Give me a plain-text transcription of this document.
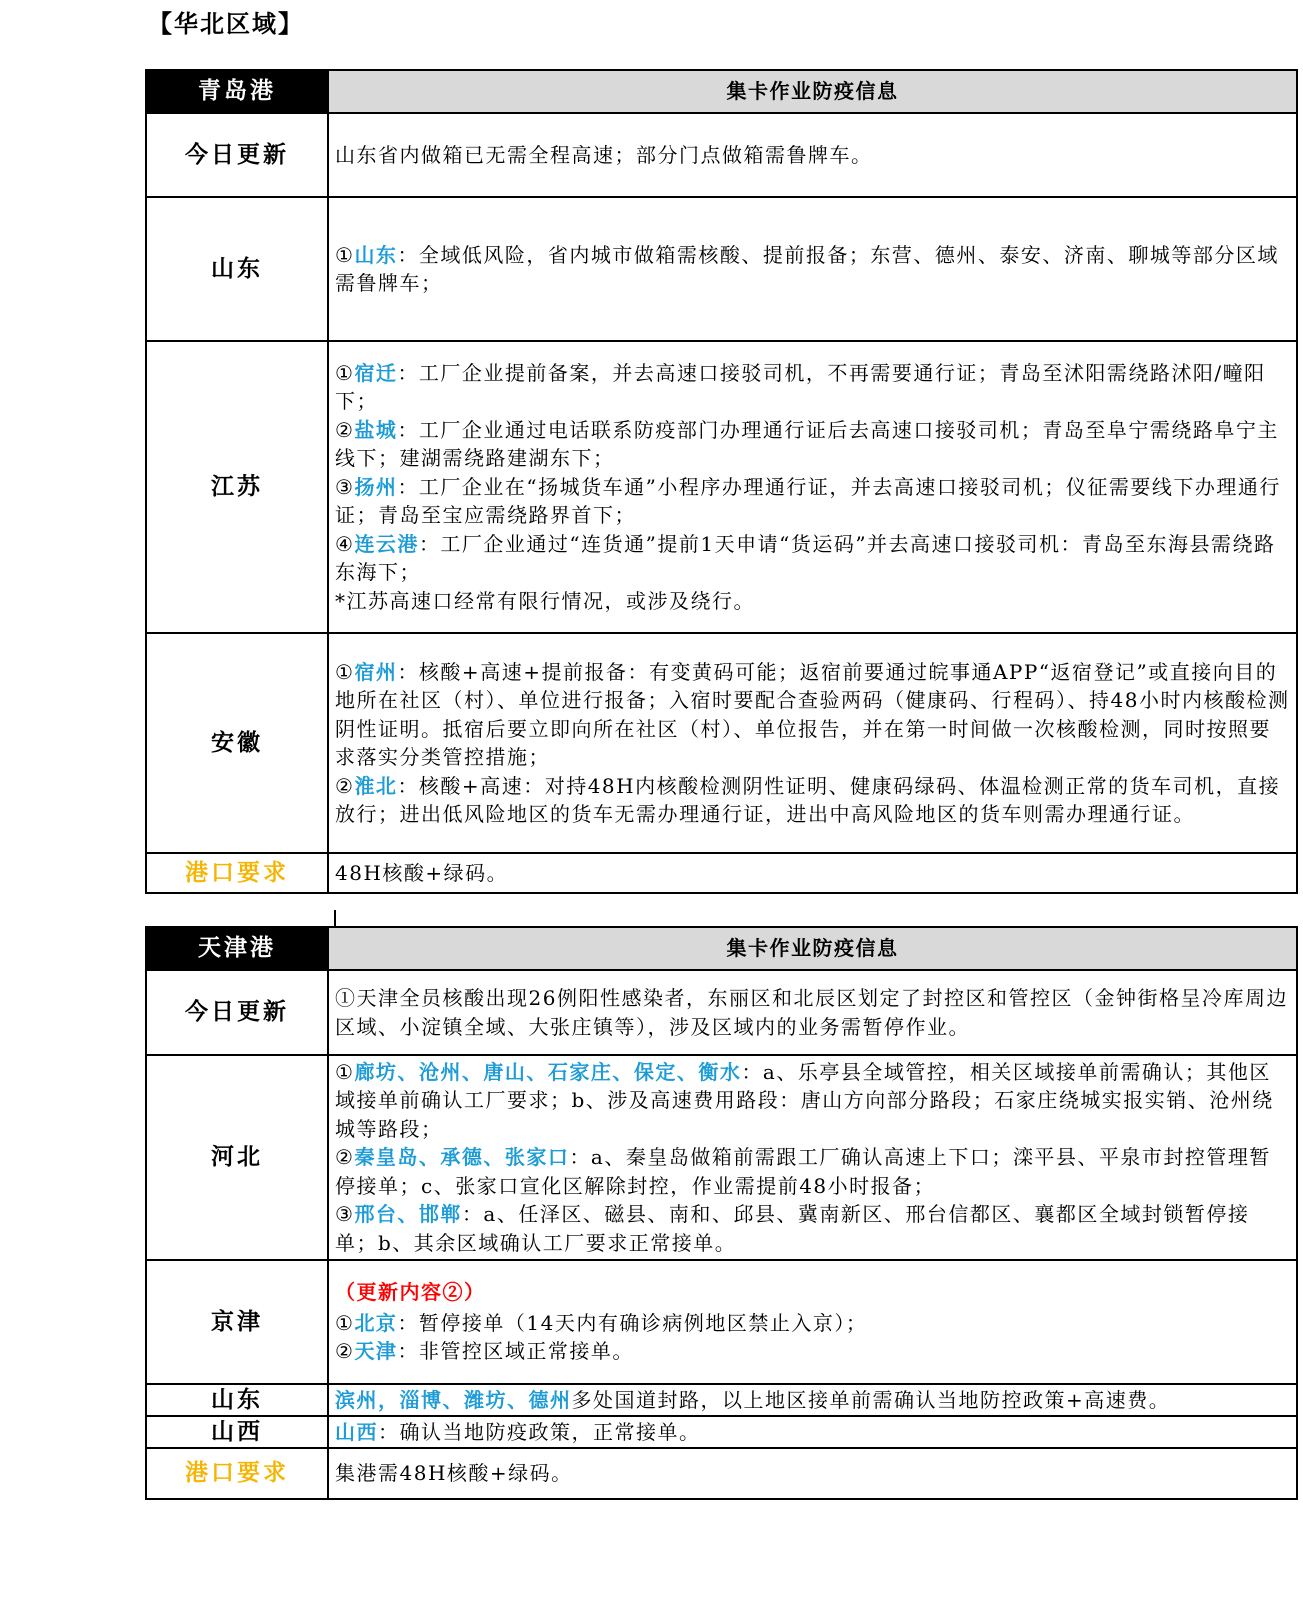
【华北区域】
青岛港	集卡作业防疫信息
今日更新	山东省内做箱已无需全程高速；部分门点做箱需鲁牌车。
山东	①山东：全域低风险，省内城市做箱需核酸、提前报备；东营、德州、泰安、济南、聊城等部分区域需鲁牌车；
江苏	①宿迁：工厂企业提前备案，并去高速口接驳司机，不再需要通行证；青岛至沭阳需绕路沭阳/疃阳下；
②盐城：工厂企业通过电话联系防疫部门办理通行证后去高速口接驳司机；青岛至阜宁需绕路阜宁主线下；建湖需绕路建湖东下；
③扬州：工厂企业在“扬城货车通”小程序办理通行证，并去高速口接驳司机；仪征需要线下办理通行证；青岛至宝应需绕路界首下；
④连云港：工厂企业通过“连货通”提前1天申请“货运码”并去高速口接驳司机：青岛至东海县需绕路东海下；
*江苏高速口经常有限行情况，或涉及绕行。

安徽	①宿州：核酸+高速+提前报备：有变黄码可能；返宿前要通过皖事通APP“返宿登记”或直接向目的地所在社区（村）、单位进行报备；入宿时要配合查验两码（健康码、行程码）、持48小时内核酸检测阴性证明。抵宿后要立即向所在社区（村）、单位报告，并在第一时间做一次核酸检测，同时按照要求落实分类管控措施；
②淮北：核酸+高速：对持48H内核酸检测阴性证明、健康码绿码、体温检测正常的货车司机，直接放行；进出低风险地区的货车无需办理通行证，进出中高风险地区的货车则需办理通行证。

港口要求	48H核酸+绿码。
天津港	集卡作业防疫信息
今日更新	①天津全员核酸出现26例阳性感染者，东丽区和北辰区划定了封控区和管控区（金钟街格呈冷库周边区域、小淀镇全域、大张庄镇等），涉及区域内的业务需暂停作业。
河北	①廊坊、沧州、唐山、石家庄、保定、衡水：a、乐亭县全域管控，相关区域接单前需确认；其他区域接单前确认工厂要求；b、涉及高速费用路段：唐山方向部分路段；石家庄绕城实报实销、沧州绕城等路段；
②秦皇岛、承德、张家口：a、秦皇岛做箱前需跟工厂确认高速上下口；滦平县、平泉市封控管理暂停接单；c、张家口宣化区解除封控，作业需提前48小时报备；
③邢台、邯郸：a、任泽区、磁县、南和、邱县、冀南新区、邢台信都区、襄都区全域封锁暂停接单；b、其余区域确认工厂要求正常接单。

京津	（更新内容②）
①北京：暂停接单（14天内有确诊病例地区禁止入京）；
②天津：非管控区域正常接单。

山东	滨州，淄博、潍坊、德州多处国道封路，以上地区接单前需确认当地防控政策+高速费。
山西	山西：确认当地防疫政策，正常接单。
港口要求	集港需48H核酸+绿码。
